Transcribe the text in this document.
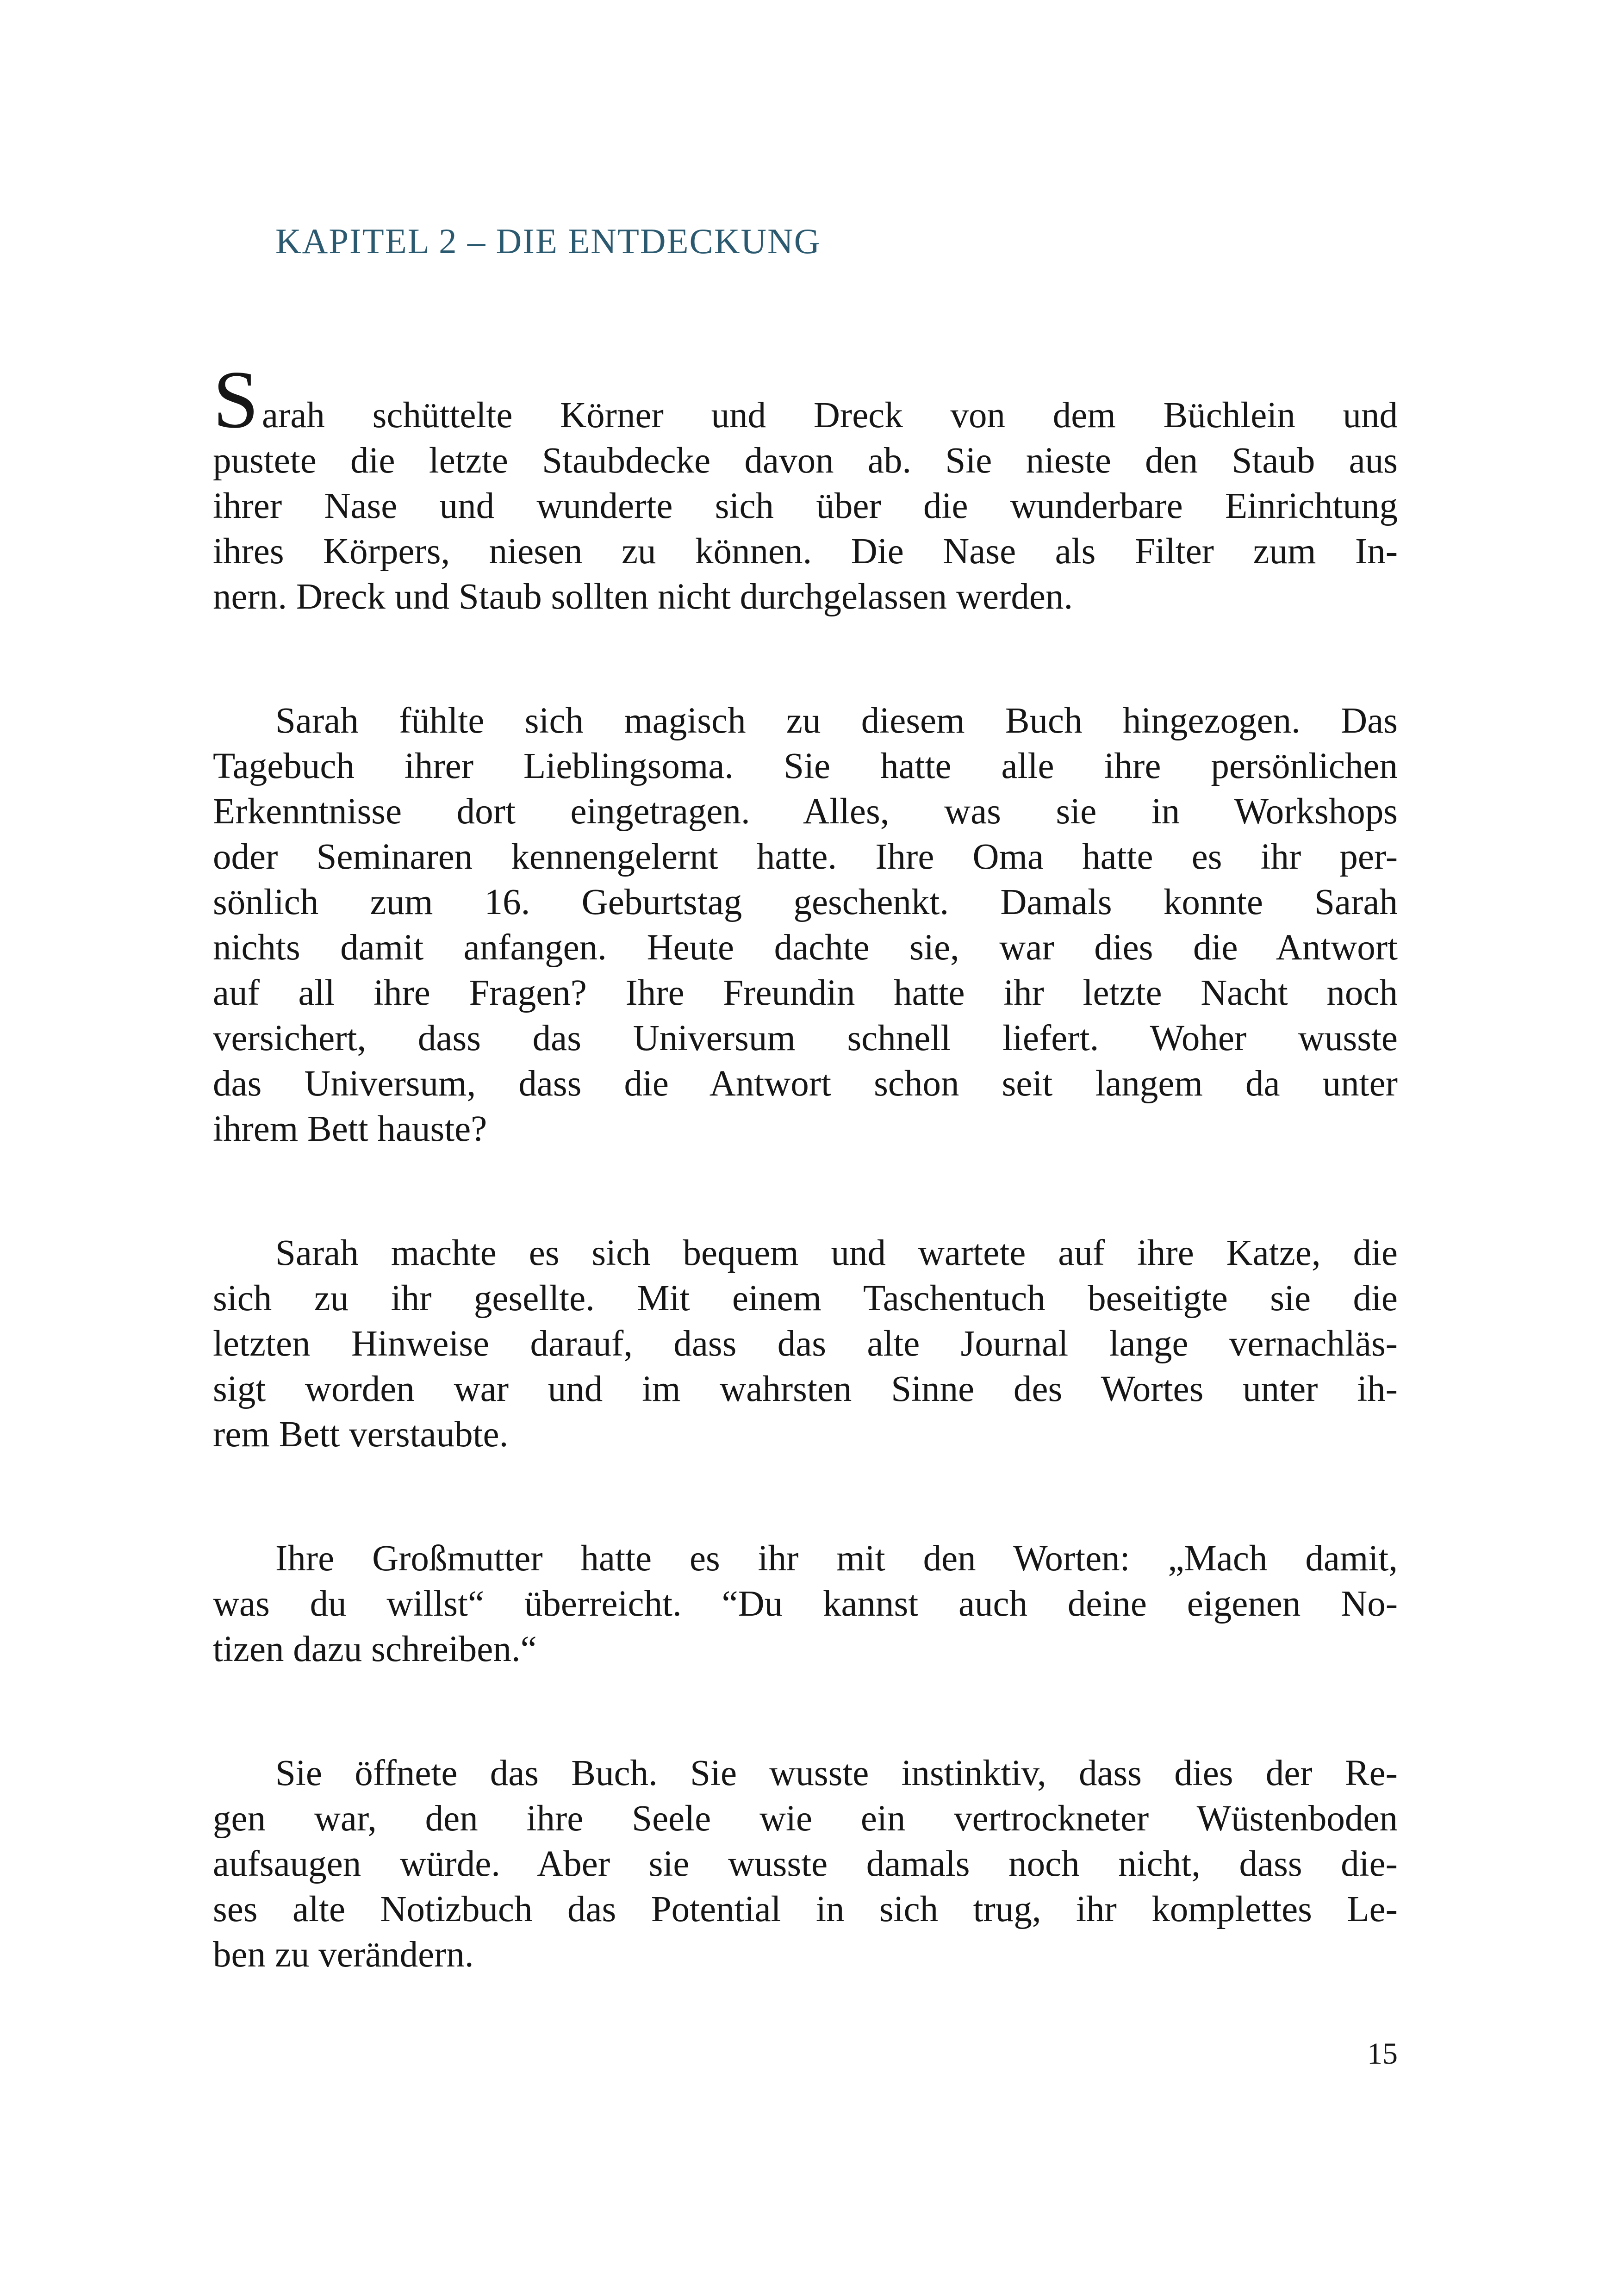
KAPITEL 2 – DIE ENTDECKUNG
Sarah schüttelte Körner und Dreck von dem Büchlein und
pustete die letzte Staubdecke davon ab. Sie nieste den Staub aus
ihrer Nase und wunderte sich über die wunderbare Einrichtung
ihres Körpers, niesen zu können. Die Nase als Filter zum In-
nern. Dreck und Staub sollten nicht durchgelassen werden.
Sarah fühlte sich magisch zu diesem Buch hingezogen. Das
Tagebuch ihrer Lieblingsoma. Sie hatte alle ihre persönlichen
Erkenntnisse dort eingetragen. Alles, was sie in Workshops
oder Seminaren kennengelernt hatte. Ihre Oma hatte es ihr per-
sönlich zum 16. Geburtstag geschenkt. Damals konnte Sarah
nichts damit anfangen. Heute dachte sie, war dies die Antwort
auf all ihre Fragen? Ihre Freundin hatte ihr letzte Nacht noch
versichert, dass das Universum schnell liefert. Woher wusste
das Universum, dass die Antwort schon seit langem da unter
ihrem Bett hauste?
Sarah machte es sich bequem und wartete auf ihre Katze, die
sich zu ihr gesellte. Mit einem Taschentuch beseitigte sie die
letzten Hinweise darauf, dass das alte Journal lange vernachläs-
sigt worden war und im wahrsten Sinne des Wortes unter ih-
rem Bett verstaubte.
Ihre Großmutter hatte es ihr mit den Worten: „Mach damit,
was du willst“ überreicht. “Du kannst auch deine eigenen No-
tizen dazu schreiben.“
Sie öffnete das Buch. Sie wusste instinktiv, dass dies der Re-
gen war, den ihre Seele wie ein vertrockneter Wüstenboden
aufsaugen würde. Aber sie wusste damals noch nicht, dass die-
ses alte Notizbuch das Potential in sich trug, ihr komplettes Le-
ben zu verändern.
15
